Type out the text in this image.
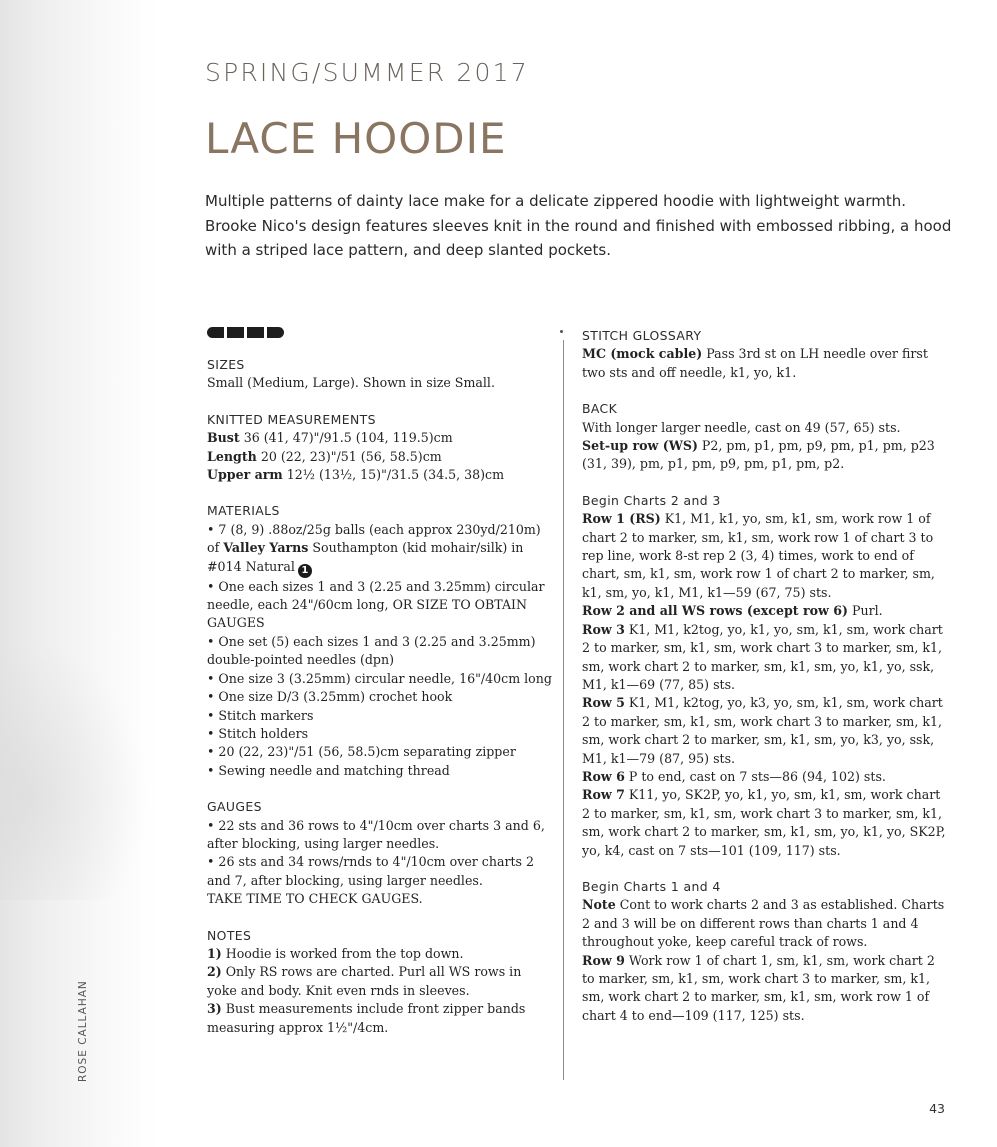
SPRING/SUMMER 2017
LACE HOODIE

Multiple patterns of dainty lace make for a delicate zippered hoodie with lightweight warmth. Brooke Nico's design features sleeves knit in the round and finished with embossed ribbing, a hood with a striped lace pattern, and deep slanted pockets.

SIZES

Small (Medium, Large). Shown in size Small.

KNITTED MEASUREMENTS

Bust 36 (41, 47)"/91.5 (104, 119.5)cm

Length 20 (22, 23)"/51 (56, 58.5)cm

Upper arm 12½ (13½, 15)"/31.5 (34.5, 38)cm

MATERIALS

• 7 (8, 9) .88oz/25g balls (each approx 230yd/210m) of Valley Yarns Southampton (kid mohair/silk) in #014 Natural 1

• One each sizes 1 and 3 (2.25 and 3.25mm) circular needle, each 24"/60cm long, OR SIZE TO OBTAIN GAUGES

• One set (5) each sizes 1 and 3 (2.25 and 3.25mm) double-pointed needles (dpn)

• One size 3 (3.25mm) circular needle, 16"/40cm long

• One size D/3 (3.25mm) crochet hook

• Stitch markers

• Stitch holders

• 20 (22, 23)"/51 (56, 58.5)cm separating zipper

• Sewing needle and matching thread

GAUGES

• 22 sts and 36 rows to 4"/10cm over charts 3 and 6, after blocking, using larger needles.

• 26 sts and 34 rows/rnds to 4"/10cm over charts 2 and 7, after blocking, using larger needles.

TAKE TIME TO CHECK GAUGES.

NOTES

1) Hoodie is worked from the top down.

2) Only RS rows are charted. Purl all WS rows in yoke and body. Knit even rnds in sleeves.

3) Bust measurements include front zipper bands measuring approx 1½"/4cm.

STITCH GLOSSARY

MC (mock cable) Pass 3rd st on LH needle over first two sts and off needle, k1, yo, k1.

BACK

With longer larger needle, cast on 49 (57, 65) sts.

Set-up row (WS) P2, pm, p1, pm, p9, pm, p1, pm, p23 (31, 39), pm, p1, pm, p9, pm, p1, pm, p2.

Begin Charts 2 and 3

Row 1 (RS) K1, M1, k1, yo, sm, k1, sm, work row 1 of chart 2 to marker, sm, k1, sm, work row 1 of chart 3 to rep line, work 8-st rep 2 (3, 4) times, work to end of chart, sm, k1, sm, work row 1 of chart 2 to marker, sm, k1, sm, yo, k1, M1, k1—59 (67, 75) sts.

Row 2 and all WS rows (except row 6) Purl.

Row 3 K1, M1, k2tog, yo, k1, yo, sm, k1, sm, work chart 2 to marker, sm, k1, sm, work chart 3 to marker, sm, k1, sm, work chart 2 to marker, sm, k1, sm, yo, k1, yo, ssk, M1, k1—69 (77, 85) sts.

Row 5 K1, M1, k2tog, yo, k3, yo, sm, k1, sm, work chart 2 to marker, sm, k1, sm, work chart 3 to marker, sm, k1, sm, work chart 2 to marker, sm, k1, sm, yo, k3, yo, ssk, M1, k1—79 (87, 95) sts.

Row 6 P to end, cast on 7 sts—86 (94, 102) sts.

Row 7 K11, yo, SK2P, yo, k1, yo, sm, k1, sm, work chart 2 to marker, sm, k1, sm, work chart 3 to marker, sm, k1, sm, work chart 2 to marker, sm, k1, sm, yo, k1, yo, SK2P, yo, k4, cast on 7 sts—101 (109, 117) sts.

Begin Charts 1 and 4

Note Cont to work charts 2 and 3 as established. Charts 2 and 3 will be on different rows than charts 1 and 4 throughout yoke, keep careful track of rows.

Row 9 Work row 1 of chart 1, sm, k1, sm, work chart 2 to marker, sm, k1, sm, work chart 3 to marker, sm, k1, sm, work chart 2 to marker, sm, k1, sm, work row 1 of chart 4 to end—109 (117, 125) sts.

ROSE CALLAHAN
43
